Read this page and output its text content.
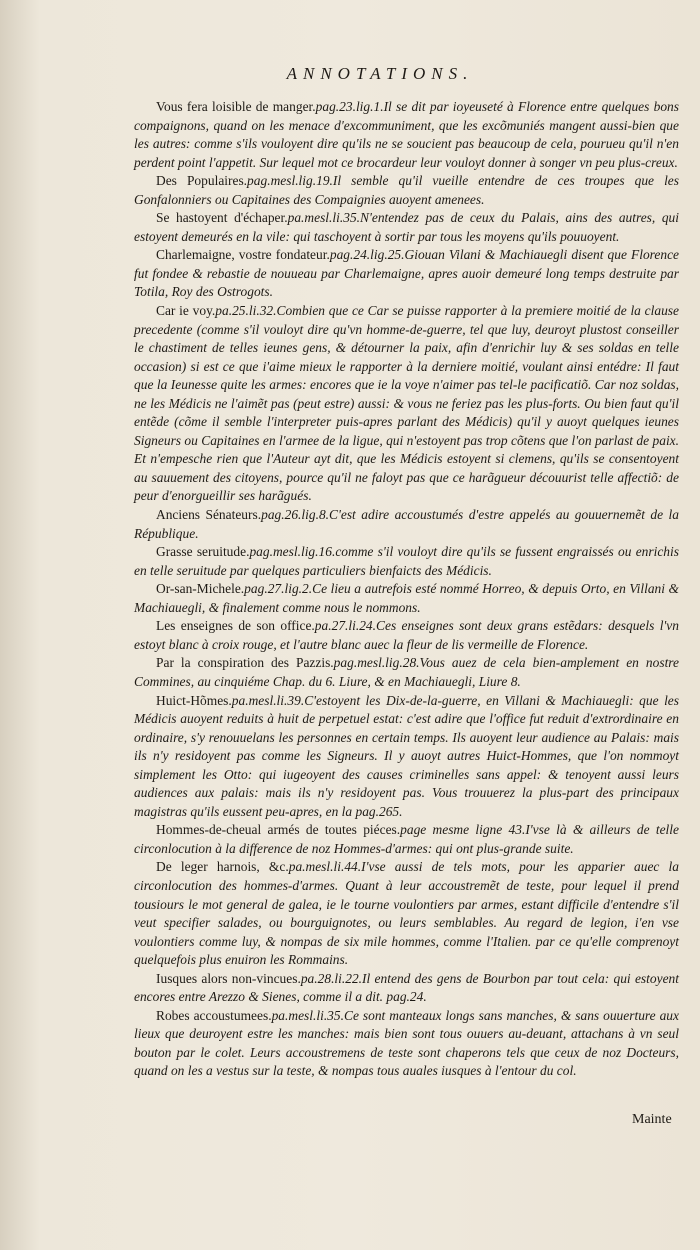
ANNOTATIONS.

Vous fera loisible de manger.pag.23.lig.1.Il se dit par ioyeuseté à Florence entre quelques bons compaignons, quand on les menace d'excommuniment, que les excõmuniés mangent aussi-bien que les autres: comme s'ils vouloyent dire qu'ils ne se soucient pas beaucoup de cela, pourueu qu'il n'en perdent point l'appetit. Sur lequel mot ce brocardeur leur vouloyt donner à songer vn peu plus-creux.

Des Populaires.pag.mesl.lig.19.Il semble qu'il vueille entendre de ces troupes que les Gonfalonniers ou Capitaines des Compaignies auoyent amenees.

Se hastoyent d'échaper.pa.mesl.li.35.N'entendez pas de ceux du Palais, ains des autres, qui estoyent demeurés en la vile: qui taschoyent à sortir par tous les moyens qu'ils pouuoyent.

Charlemaigne, vostre fondateur.pag.24.lig.25.Giouan Vilani & Machiauegli disent que Florence fut fondee & rebastie de nouueau par Charlemaigne, apres auoir demeuré long temps destruite par Totila, Roy des Ostrogots.

Car ie voy.pa.25.li.32.Combien que ce Car se puisse rapporter à la premiere moitié de la clause precedente (comme s'il vouloyt dire qu'vn homme-de-guerre, tel que luy, deuroyt plustost conseiller le chastiment de telles ieunes gens, & détourner la paix, afin d'enrichir luy & ses soldas en telle occasion) si est ce que i'aime mieux le rapporter à la derniere moitié, voulant ainsi entédre: Il faut que la Ieunesse quite les armes: encores que ie la voye n'aimer pas tel-le pacificatiõ. Car noz soldas, ne les Médicis ne l'aimẽt pas (peut estre) aussi: & vous ne feriez pas les plus-forts. Ou bien faut qu'il entẽde (cõme il semble l'interpreter puis-apres parlant des Médicis) qu'il y auoyt quelques ieunes Signeurs ou Capitaines en l'armee de la ligue, qui n'estoyent pas trop cõtens que l'on parlast de paix. Et n'empesche rien que l'Auteur ayt dit, que les Médicis estoyent si clemens, qu'ils se consentoyent au sauuement des citoyens, pource qu'il ne faloyt pas que ce harãgueur découurist telle affectiõ: de peur d'enorgueillir ses harãgués.

Anciens Sénateurs.pag.26.lig.8.C'est adire accoustumés d'estre appelés au gouuernemẽt de la République.

Grasse seruitude.pag.mesl.lig.16.comme s'il vouloyt dire qu'ils se fussent engraissés ou enrichis en telle seruitude par quelques particuliers bienfaicts des Médicis.

Or-san-Michele.pag.27.lig.2.Ce lieu a autrefois esté nommé Horreo, & depuis Orto, en Villani & Machiauegli, & finalement comme nous le nommons.

Les enseignes de son office.pa.27.li.24.Ces enseignes sont deux grans estẽdars: desquels l'vn estoyt blanc à croix rouge, et l'autre blanc auec la fleur de lis vermeille de Florence.

Par la conspiration des Pazzis.pag.mesl.lig.28.Vous auez de cela bien-amplement en nostre Commines, au cinquiéme Chap. du 6. Liure, & en Machiauegli, Liure 8.

Huict-Hõmes.pa.mesl.li.39.C'estoyent les Dix-de-la-guerre, en Villani & Machiauegli: que les Médicis auoyent reduits à huit de perpetuel estat: c'est adire que l'office fut reduit d'extrordinaire en ordinaire, s'y renouuelans les personnes en certain temps. Ils auoyent leur audience au Palais: mais ils n'y residoyent pas comme les Signeurs. Il y auoyt autres Huict-Hommes, que l'on nommoyt simplement les Otto: qui iugeoyent des causes criminelles sans appel: & tenoyent aussi leurs audiences aux palais: mais ils n'y residoyent pas. Vous trouuerez la plus-part des principaux magistras qu'ils eussent peu-apres, en la pag.265.

Hommes-de-cheual armés de toutes piéces.page mesme ligne 43.I'vse là & ailleurs de telle circonlocution à la difference de noz Hommes-d'armes: qui ont plus-grande suite.

De leger harnois, &c.pa.mesl.li.44.I'vse aussi de tels mots, pour les apparier auec la circonlocution des hommes-d'armes. Quant à leur accoustremẽt de teste, pour lequel il prend tousiours le mot general de galea, ie le tourne voulontiers par armes, estant difficile d'entendre s'il veut specifier salades, ou bourguignotes, ou leurs semblables. Au regard de legion, i'en vse voulontiers comme luy, & nompas de six mile hommes, comme l'Italien. par ce qu'elle comprenoyt quelquefois plus enuiron les Rommains.

Iusques alors non-vincues.pa.28.li.22.Il entend des gens de Bourbon par tout cela: qui estoyent encores entre Arezzo & Sienes, comme il a dit. pag.24.

Robes accoustumees.pa.mesl.li.35.Ce sont manteaux longs sans manches, & sans ouuerture aux lieux que deuroyent estre les manches: mais bien sont tous ouuers au-deuant, attachans à vn seul bouton par le colet. Leurs accoustremens de teste sont chaperons tels que ceux de noz Docteurs, quand on les a vestus sur la teste, & nompas tous auales iusques à l'entour du col.

Mainte
